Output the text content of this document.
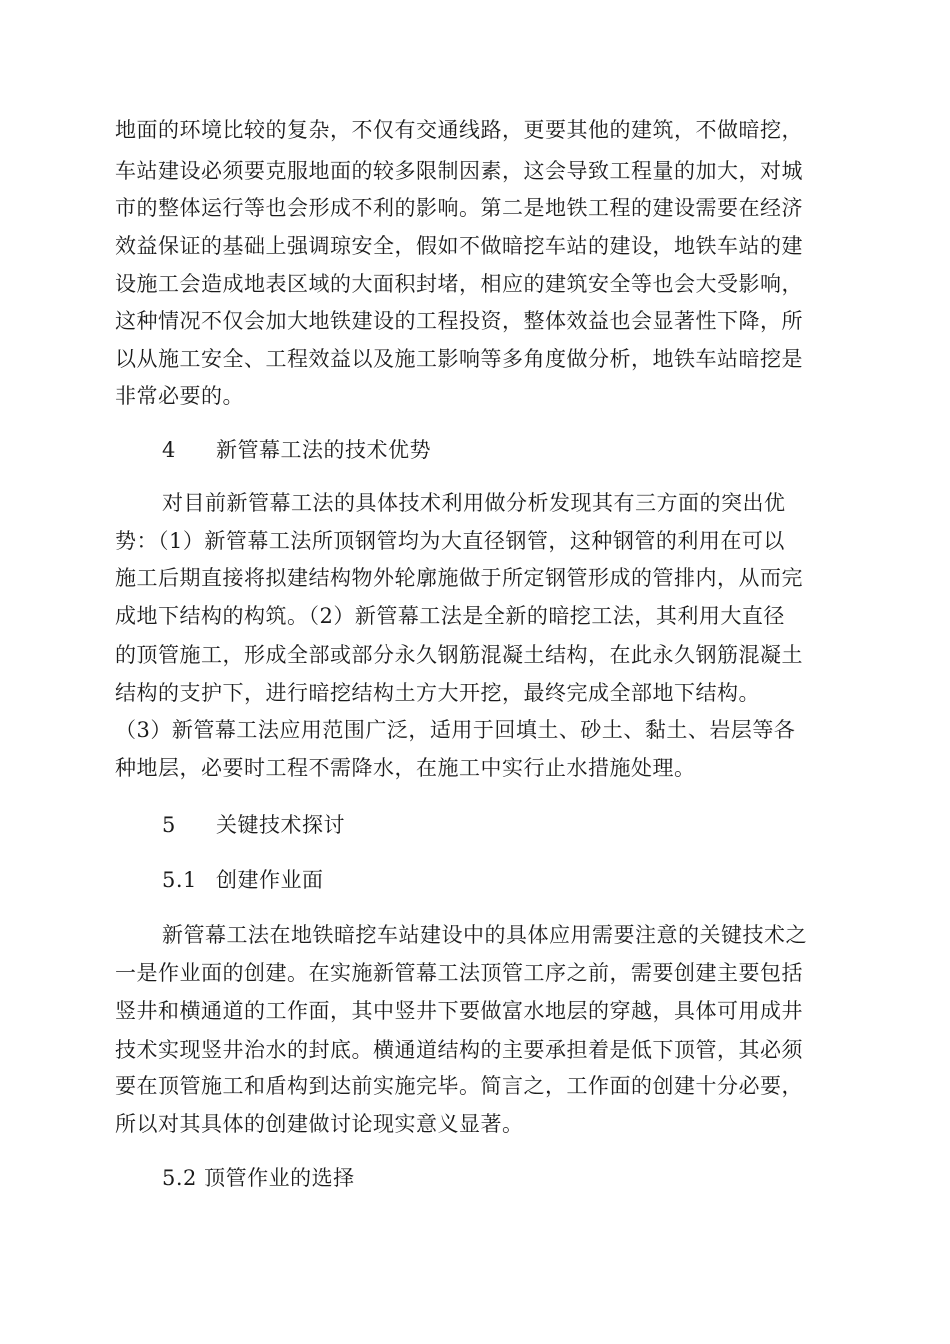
地面的环境比较的复杂，不仅有交通线路，更要其他的建筑，不做暗挖，
车站建设必须要克服地面的较多限制因素，这会导致工程量的加大，对城
市的整体运行等也会形成不利的影响。第二是地铁工程的建设需要在经济
效益保证的基础上强调琼安全，假如不做暗挖车站的建设，地铁车站的建
设施工会造成地表区域的大面积封堵，相应的建筑安全等也会大受影响，
这种情况不仅会加大地铁建设的工程投资，整体效益也会显著性下降，所
以从施工安全、工程效益以及施工影响等多角度做分析，地铁车站暗挖是
非常必要的。
4 新管幕工法的技术优势
对目前新管幕工法的具体技术利用做分析发现其有三方面的突出优
势：（1）新管幕工法所顶钢管均为大直径钢管，这种钢管的利用在可以
施工后期直接将拟建结构物外轮廓施做于所定钢管形成的管排内，从而完
成地下结构的构筑。（2）新管幕工法是全新的暗挖工法，其利用大直径
的顶管施工，形成全部或部分永久钢筋混凝土结构，在此永久钢筋混凝土
结构的支护下，进行暗挖结构土方大开挖，最终完成全部地下结构。
（3）新管幕工法应用范围广泛，适用于回填土、砂土、黏土、岩层等各
种地层，必要时工程不需降水，在施工中实行止水措施处理。
5 关键技术探讨
5.1 创建作业面
新管幕工法在地铁暗挖车站建设中的具体应用需要注意的关键技术之
一是作业面的创建。在实施新管幕工法顶管工序之前，需要创建主要包括
竖井和横通道的工作面，其中竖井下要做富水地层的穿越，具体可用成井
技术实现竖井治水的封底。横通道结构的主要承担着是低下顶管，其必须
要在顶管施工和盾构到达前实施完毕。简言之，工作面的创建十分必要，
所以对其具体的创建做讨论现实意义显著。
5.2 顶管作业的选择
